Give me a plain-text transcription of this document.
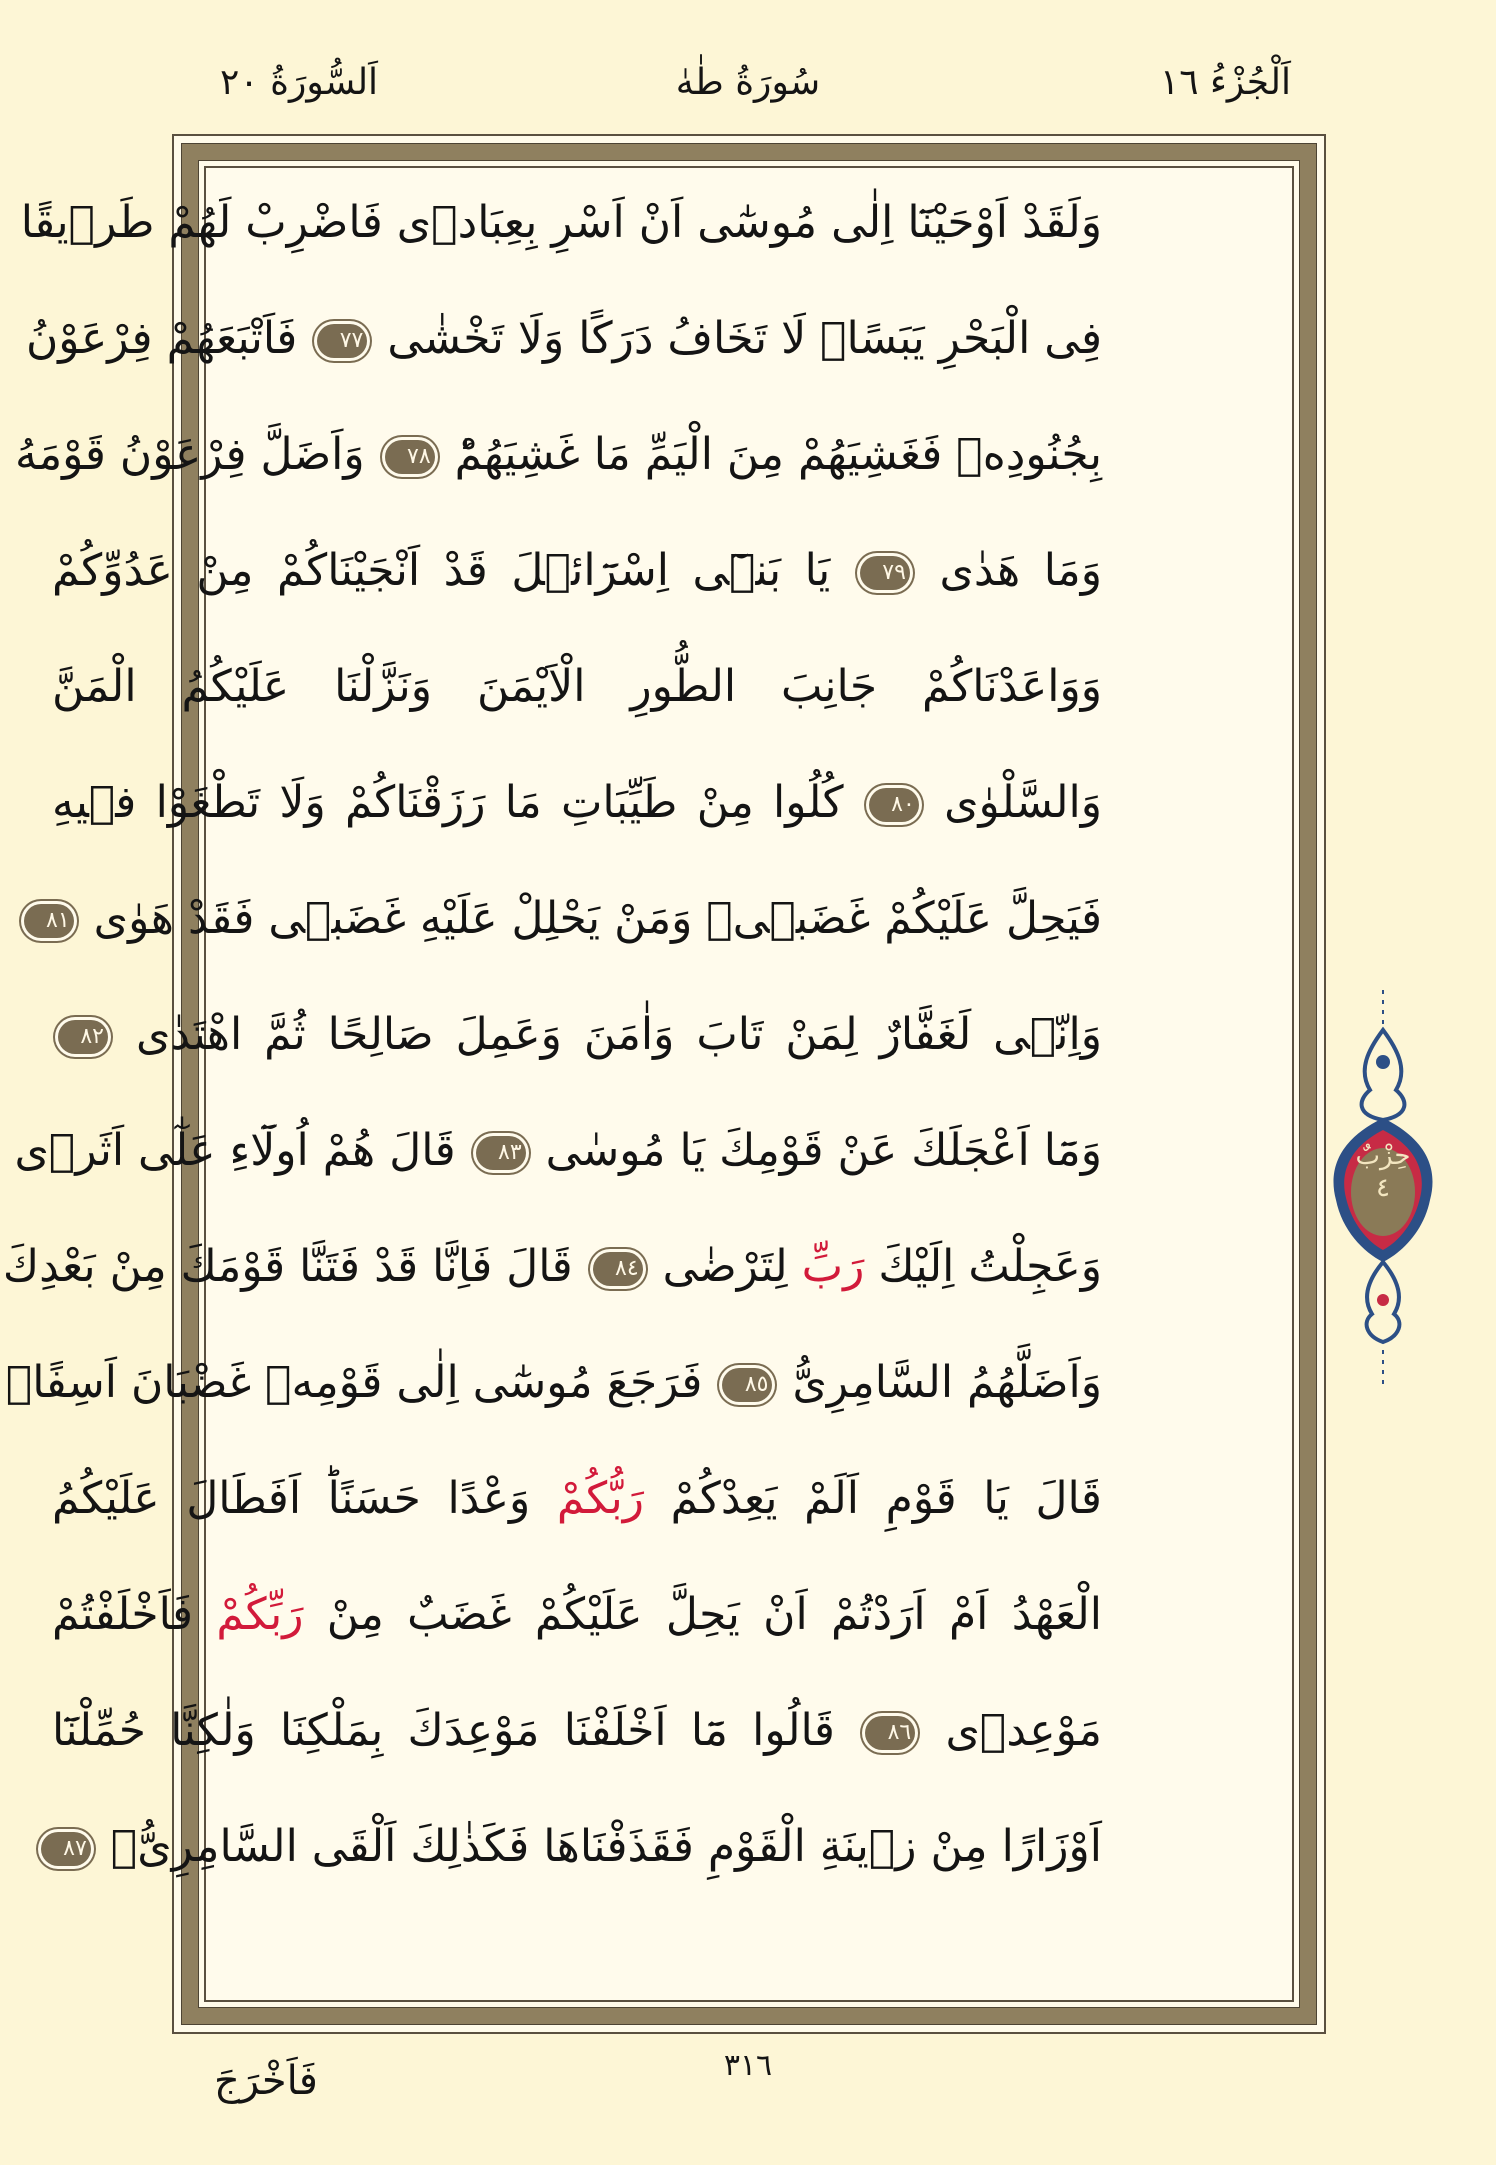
اَلْجُزْءُ ١٦
سُورَةُ طٰهٰ
اَلسُّورَةُ ٢٠
وَلَقَدْ اَوْحَيْنَٓا اِلٰى مُوسٰٓى اَنْ اَسْرِ بِعِبَادٖى فَاضْرِبْ لَهُمْ طَرٖيقًا
فِى الْبَحْرِ يَبَسًاۙ لَا تَخَافُ دَرَكًا وَلَا تَخْشٰى ٧٧ فَاَتْبَعَهُمْ فِرْعَوْنُ
بِجُنُودِهٖ فَغَشِيَهُمْ مِنَ الْيَمِّ مَا غَشِيَهُمْؕ ٧٨ وَاَضَلَّ فِرْعَوْنُ قَوْمَهُ
وَمَا هَدٰى ٧٩ يَا بَنٖٓى اِسْرَٓائٖلَ قَدْ اَنْجَيْنَاكُمْ مِنْ عَدُوِّكُمْ
وَوَاعَدْنَاكُمْ جَانِبَ الطُّورِ الْاَيْمَنَ وَنَزَّلْنَا عَلَيْكُمُ الْمَنَّ
وَالسَّلْوٰى ٨٠ كُلُوا مِنْ طَيِّبَاتِ مَا رَزَقْنَاكُمْ وَلَا تَطْغَوْا فٖيهِ
فَيَحِلَّ عَلَيْكُمْ غَضَبٖىۚ وَمَنْ يَحْلِلْ عَلَيْهِ غَضَبٖى فَقَدْ هَوٰى ٨١
وَاِنّٖى لَغَفَّارٌ لِمَنْ تَابَ وَاٰمَنَ وَعَمِلَ صَالِحًا ثُمَّ اهْتَدٰى ٨٢
وَمَٓا اَعْجَلَكَ عَنْ قَوْمِكَ يَا مُوسٰى ٨٣ قَالَ هُمْ اُولَٓاءِ عَلٰٓى اَثَرٖى
وَعَجِلْتُ اِلَيْكَ رَبِّ لِتَرْضٰى ٨٤ قَالَ فَاِنَّا قَدْ فَتَنَّا قَوْمَكَ مِنْ بَعْدِكَ
وَاَضَلَّهُمُ السَّامِرِىُّ ٨٥ فَرَجَعَ مُوسٰٓى اِلٰى قَوْمِهٖ غَضْبَانَ اَسِفًاۚ
قَالَ يَا قَوْمِ اَلَمْ يَعِدْكُمْ رَبُّكُمْ وَعْدًا حَسَنًاؕ اَفَطَالَ عَلَيْكُمُ
الْعَهْدُ اَمْ اَرَدْتُمْ اَنْ يَحِلَّ عَلَيْكُمْ غَضَبٌ مِنْ رَبِّكُمْ فَاَخْلَفْتُمْ
مَوْعِدٖى ٨٦ قَالُوا مَٓا اَخْلَفْنَا مَوْعِدَكَ بِمَلْكِنَا وَلٰكِنَّا حُمِّلْنَٓا
اَوْزَارًا مِنْ زٖينَةِ الْقَوْمِ فَقَذَفْنَاهَا فَكَذٰلِكَ اَلْقَى السَّامِرِىُّۙ ٨٧
حِزْبٌ
٤
٣١٦
فَاَخْرَجَ
